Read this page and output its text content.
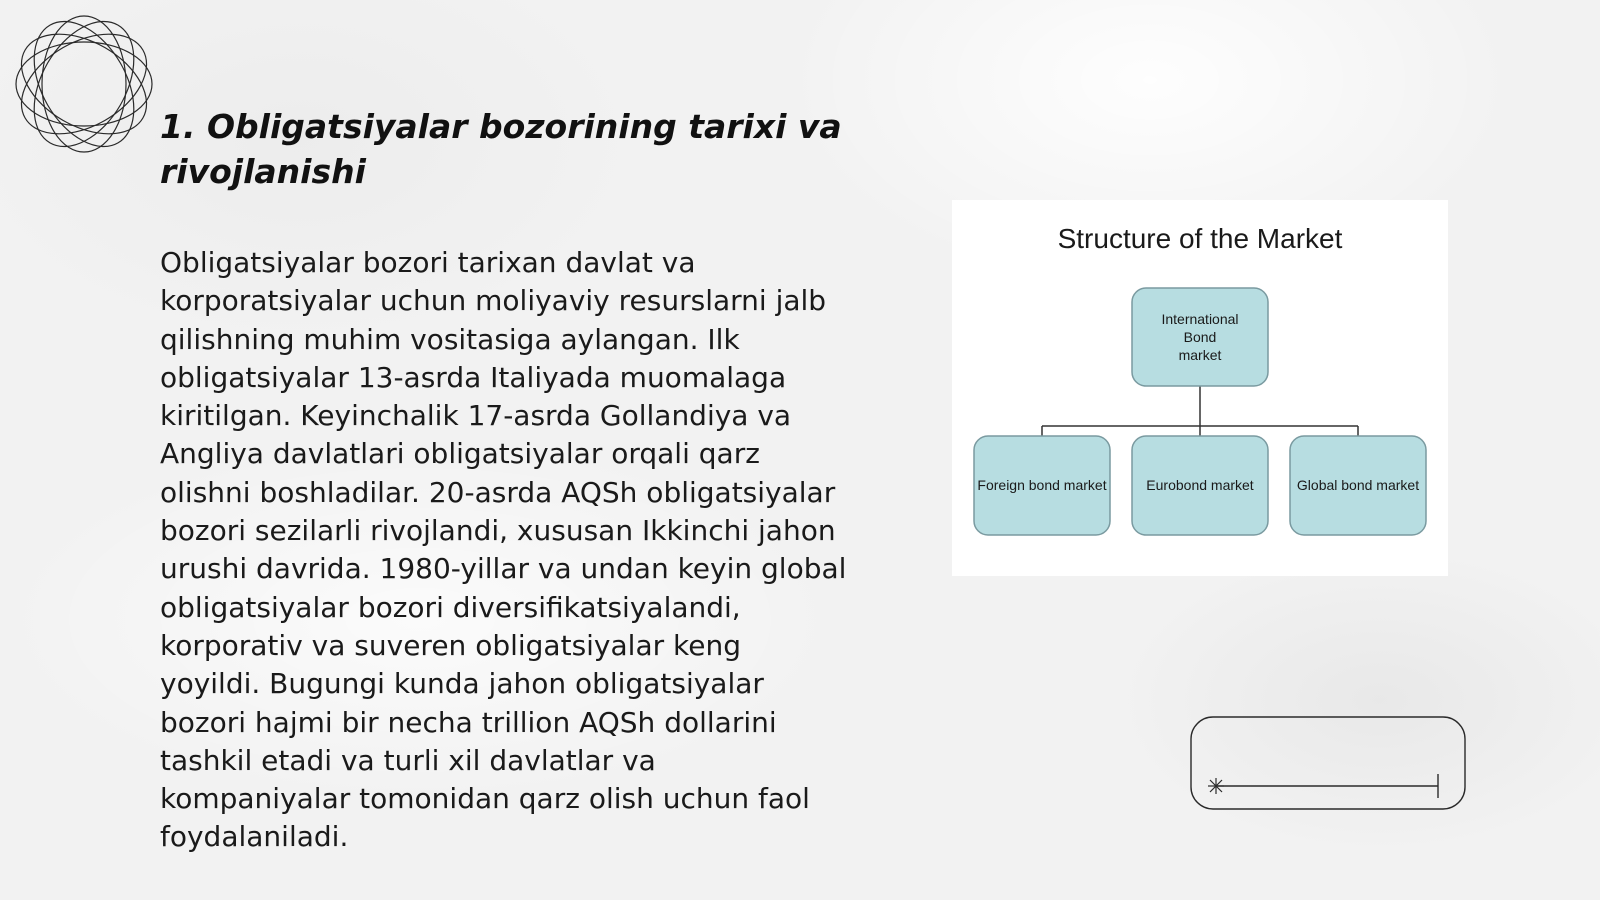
1. Obligatsiyalar bozorining tarixi va rivojlanishi

Obligatsiyalar bozori tarixan davlat va korporatsiyalar uchun moliyaviy resurslarni jalb qilishning muhim vositasiga aylangan. Ilk obligatsiyalar 13-asrda Italiyada muomalaga kiritilgan. Keyinchalik 17-asrda Gollandiya va Angliya davlatlari obligatsiyalar orqali qarz olishni boshladilar. 20-asrda AQSh obligatsiyalar bozori sezilarli rivojlandi, xususan Ikkinchi jahon urushi davrida. 1980-yillar va undan keyin global obligatsiyalar bozori diversifikatsiyalandi, korporativ va suveren obligatsiyalar keng yoyildi. Bugungi kunda jahon obligatsiyalar bozori hajmi bir necha trillion AQSh dollarini tashkil etadi va turli xil davlatlar va kompaniyalar tomonidan qarz olish uchun faol foydalaniladi.

Structure of the Market
International
Bond
market
Foreign bond market	Eurobond market	Global bond market
